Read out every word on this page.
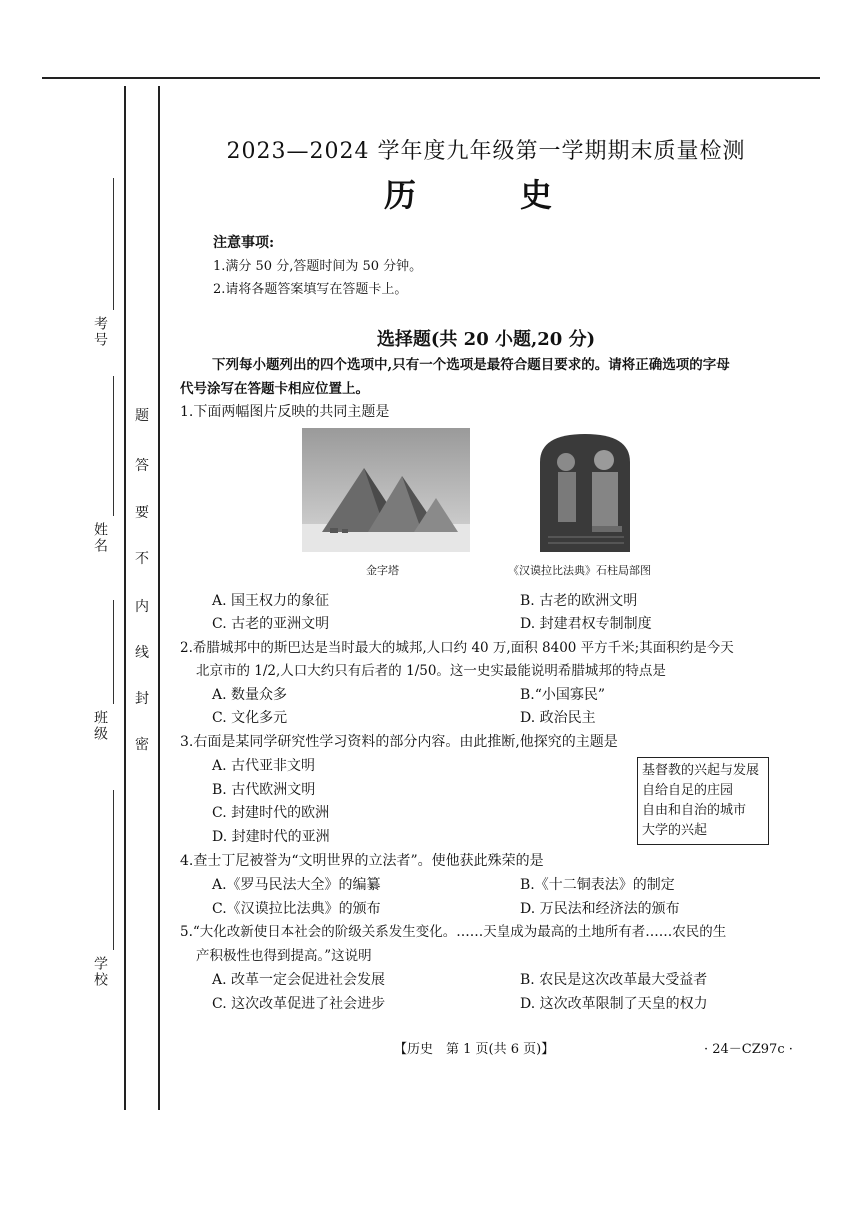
考号
姓名
班级
学校
题
答
要
不
内
线
封
密
2023—2024 学年度九年级第一学期期末质量检测
历　史
注意事项:
1.满分 50 分,答题时间为 50 分钟。
2.请将各题答案填写在答题卡上。
选择题(共 20 小题,20 分)
下列每小题列出的四个选项中,只有一个选项是最符合题目要求的。请将正确选项的字母
代号涂写在答题卡相应位置上。
1.下面两幅图片反映的共同主题是
金字塔	《汉谟拉比法典》石柱局部图
A. 国王权力的象征	B. 古老的欧洲文明
C. 古老的亚洲文明	D. 封建君权专制制度
2.希腊城邦中的斯巴达是当时最大的城邦,人口约 40 万,面积 8400 平方千米;其面积约是今天
北京市的 1/2,人口大约只有后者的 1/50。这一史实最能说明希腊城邦的特点是
A. 数量众多	B.“小国寡民”
C. 文化多元	D. 政治民主
3.右面是某同学研究性学习资料的部分内容。由此推断,他探究的主题是
A. 古代亚非文明
B. 古代欧洲文明
C. 封建时代的欧洲
D. 封建时代的亚洲
基督教的兴起与发展
自给自足的庄园
自由和自治的城市
大学的兴起
4.查士丁尼被誉为“文明世界的立法者”。使他获此殊荣的是
A.《罗马民法大全》的编纂	B.《十二铜表法》的制定
C.《汉谟拉比法典》的颁布	D. 万民法和经济法的颁布
5.“大化改新使日本社会的阶级关系发生变化。……天皇成为最高的土地所有者……农民的生
产积极性也得到提高。”这说明
A. 改革一定会促进社会发展	B. 农民是这次改革最大受益者
C. 这次改革促进了社会进步	D. 这次改革限制了天皇的权力
【历史　第 1 页(共 6 页)】	· 24－CZ97c ·
